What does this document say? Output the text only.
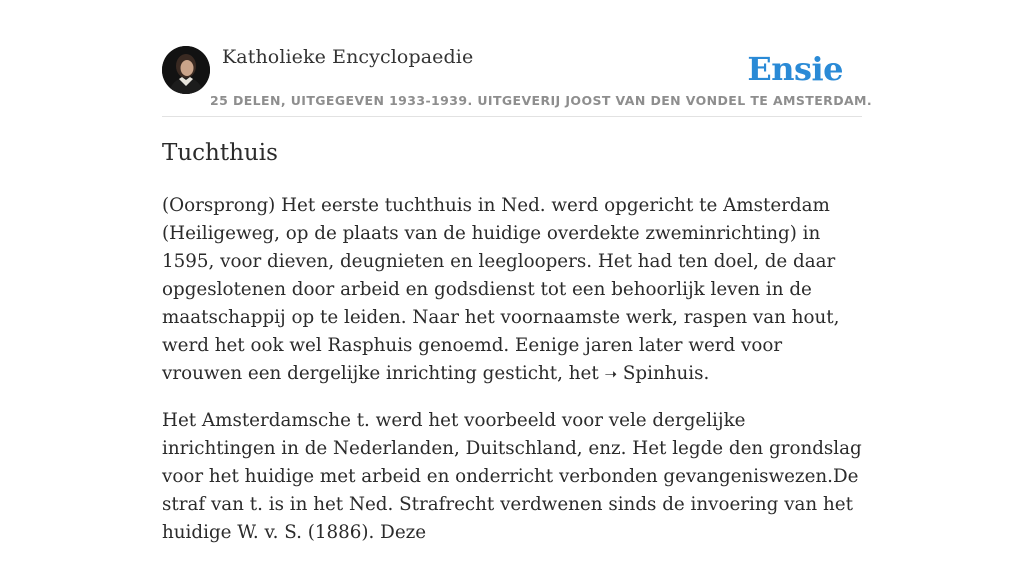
Katholieke Encyclopaedie
25 DELEN, UITGEGEVEN 1933-1939. UITGEVERIJ JOOST VAN DEN VONDEL TE AMSTERDAM.
Ensie
Tuchthuis

(Oorsprong) Het eerste tuchthuis in Ned. werd opgericht te Amsterdam (Heiligeweg, op de plaats van de huidige overdekte zweminrichting) in 1595, voor dieven, deugnieten en leegloopers. Het had ten doel, de daar opgeslotenen door arbeid en godsdienst tot een behoorlijk leven in de maatschappij op te leiden. Naar het voornaamste werk, raspen van hout, werd het ook wel Rasphuis genoemd. Eenige jaren later werd voor vrouwen een dergelijke inrichting gesticht, het ➝ Spinhuis.

Het Amsterdamsche t. werd het voorbeeld voor vele dergelijke inrichtingen in de Nederlanden, Duitschland, enz. Het legde den grondslag voor het huidige met arbeid en onderricht verbonden gevangeniswezen.De straf van t. is in het Ned. Strafrecht verdwenen sinds de invoering van het huidige W. v. S. (1886). Deze
